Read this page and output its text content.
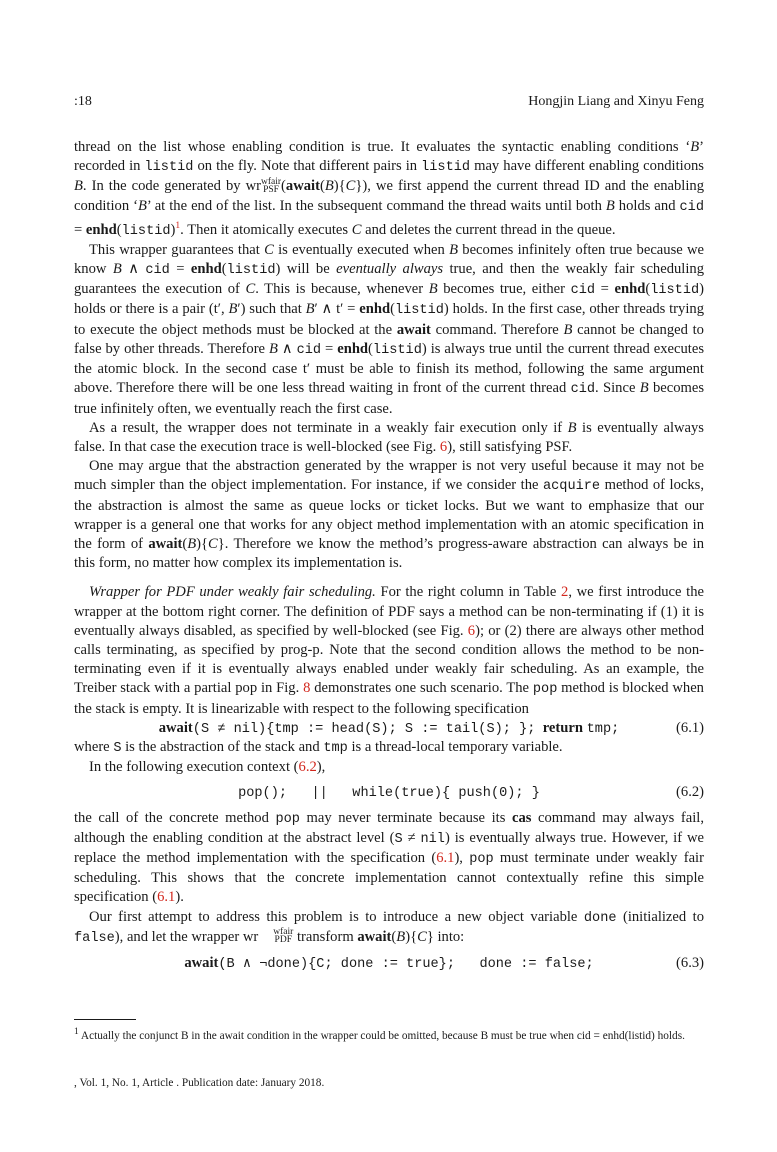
:18	Hongjin Liang and Xinyu Feng

thread on the list whose enabling condition is true. It evaluates the syntactic enabling conditions ‘B’ recorded in listid on the fly. Note that different pairs in listid may have different enabling conditions B. In the code generated by wr wfair
PSF (await(B){C}), we first append the current thread ID and the enabling condition ‘B’ at the end of the list. In the subsequent command the thread waits until both B holds and cid = enhd(listid)$^1$. Then it atomically executes C and deletes the current thread in the queue.

This wrapper guarantees that C is eventually executed when B becomes infinitely often true because we know B ∧ cid = enhd(listid) will be eventually always true, and then the weakly fair scheduling guarantees the execution of C. This is because, whenever B becomes true, either cid = enhd(listid) holds or there is a pair (t′, B′) such that B′ ∧ t′ = enhd(listid) holds. In the first case, other threads trying to execute the object methods must be blocked at the await command. Therefore B cannot be changed to false by other threads. Therefore B ∧ cid = enhd(listid) is always true until the current thread executes the atomic block. In the second case t′ must be able to finish its method, following the same argument above. Therefore there will be one less thread waiting in front of the current thread cid. Since B becomes true infinitely often, we eventually reach the first case.

As a result, the wrapper does not terminate in a weakly fair execution only if B is eventually always false. In that case the execution trace is well-blocked (see Fig. 6), still satisfying PSF.

One may argue that the abstraction generated by the wrapper is not very useful because it may not be much simpler than the object implementation. For instance, if we consider the acquire method of locks, the abstraction is almost the same as queue locks or ticket locks. But we want to emphasize that our wrapper is a general one that works for any object method implementation with an atomic specification in the form of await(B){C}. Therefore we know the method’s progress-aware abstraction can always be in this form, no matter how complex its implementation is.

Wrapper for PDF under weakly fair scheduling. For the right column in Table 2, we first introduce the wrapper at the bottom right corner. The definition of PDF says a method can be non-terminating if (1) it is eventually always disabled, as specified by well-blocked (see Fig. 6); or (2) there are always other method calls terminating, as specified by prog-p. Note that the second condition allows the method to be non-terminating even if it is eventually always enabled under weakly fair scheduling. As an example, the Treiber stack with a partial pop in Fig. 8 demonstrates one such scenario. The pop method is blocked when the stack is empty. It is linearizable with respect to the following specification

await(S ≠ nil){tmp := head(S); S := tail(S); }; return tmp;	(6.1)

where S is the abstraction of the stack and tmp is a thread-local temporary variable.

In the following execution context (6.2),

pop();   ||   while(true){ push(0); }	(6.2)

the call of the concrete method pop may never terminate because its cas command may always fail, although the enabling condition at the abstract level (S ≠ nil) is eventually always true. However, if we replace the method implementation with the specification (6.1), pop must terminate under weakly fair scheduling. This shows that the concrete implementation cannot contextually refine this simple specification (6.1).

Our first attempt to address this problem is to introduce a new object variable done (initialized to false), and let the wrapper wr	wfair
PDF transform await(B){C} into:

await(B ∧ ¬done){C; done := true};   done := false;	(6.3)
$^1$ Actually the conjunct B in the await condition in the wrapper could be omitted, because B must be true when cid = enhd(listid) holds.
, Vol. 1, No. 1, Article . Publication date: January 2018.
